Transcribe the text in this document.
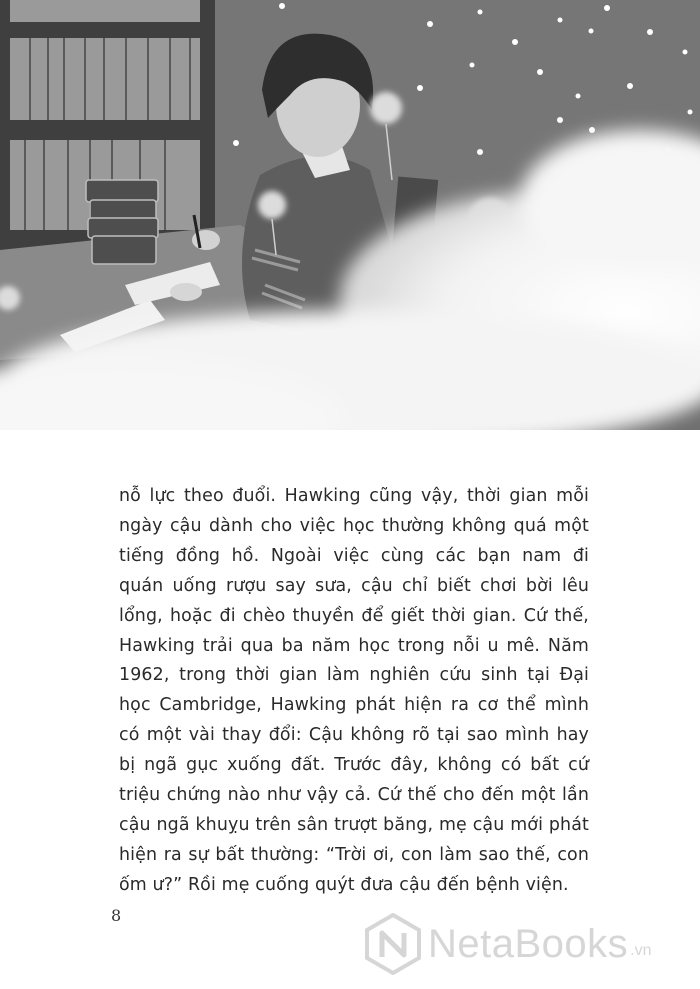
nỗ lực theo đuổi. Hawking cũng vậy, thời gian mỗi
ngày cậu dành cho việc học thường không quá một
tiếng đồng hồ. Ngoài việc cùng các bạn nam đi
quán uống rượu say sưa, cậu chỉ biết chơi bời lêu
lổng, hoặc đi chèo thuyền để giết thời gian. Cứ thế,
Hawking trải qua ba năm học trong nỗi u mê. Năm
1962, trong thời gian làm nghiên cứu sinh tại Đại
học Cambridge, Hawking phát hiện ra cơ thể mình
có một vài thay đổi: Cậu không rõ tại sao mình hay
bị ngã gục xuống đất. Trước đây, không có bất cứ
triệu chứng nào như vậy cả. Cứ thế cho đến một lần
cậu ngã khuỵu trên sân trượt băng, mẹ cậu mới phát
hiện ra sự bất thường: “Trời ơi, con làm sao thế, con
ốm ư?” Rồi mẹ cuống quýt đưa cậu đến bệnh viện.
8
NetaBooks .vn
